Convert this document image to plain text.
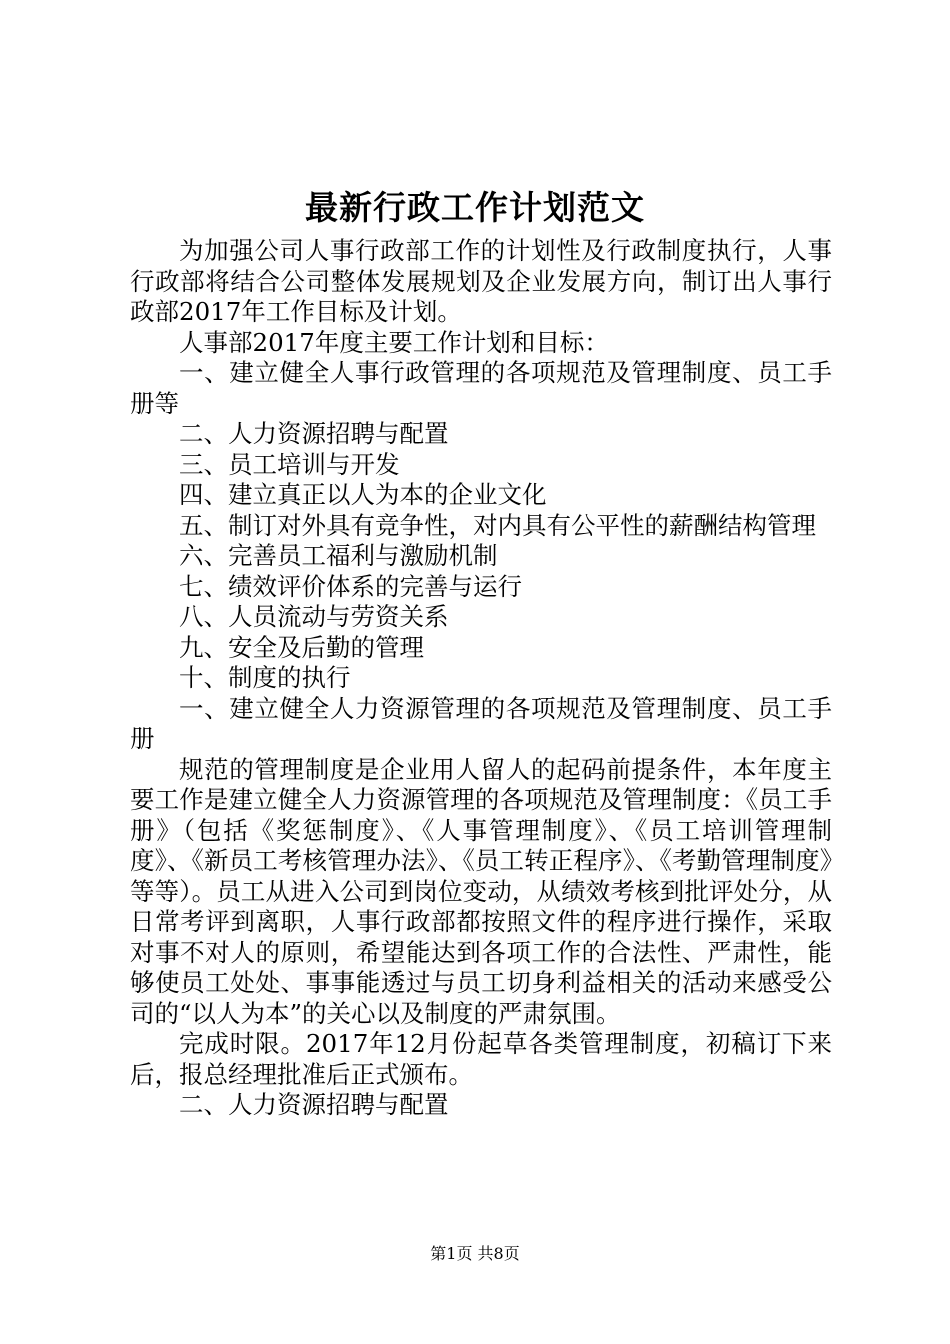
最新行政工作计划范文

为加强公司人事行政部工作的计划性及行政制度执行，人事行政部将结合公司整体发展规划及企业发展方向，制订出人事行政部2017年工作目标及计划。

人事部2017年度主要工作计划和目标：

一、建立健全人事行政管理的各项规范及管理制度、员工手册等

二、人力资源招聘与配置

三、员工培训与开发

四、建立真正以人为本的企业文化

五、制订对外具有竞争性，对内具有公平性的薪酬结构管理

六、完善员工福利与激励机制

七、绩效评价体系的完善与运行

八、人员流动与劳资关系

九、安全及后勤的管理

十、制度的执行

一、建立健全人力资源管理的各项规范及管理制度、员工手册

规范的管理制度是企业用人留人的起码前提条件，本年度主要工作是建立健全人力资源管理的各项规范及管理制度：《员工手册》（包括《奖惩制度》、《人事管理制度》、《员工培训管理制度》、《新员工考核管理办法》、《员工转正程序》、《考勤管理制度》等等）。员工从进入公司到岗位变动，从绩效考核到批评处分，从日常考评到离职，人事行政部都按照文件的程序进行操作，采取对事不对人的原则，希望能达到各项工作的合法性、严肃性，能够使员工处处、事事能透过与员工切身利益相关的活动来感受公司的“以人为本”的关心以及制度的严肃氛围。

完成时限。2017年12月份起草各类管理制度，初稿订下来后，报总经理批准后正式颁布。

二、人力资源招聘与配置

第1页 共8页
